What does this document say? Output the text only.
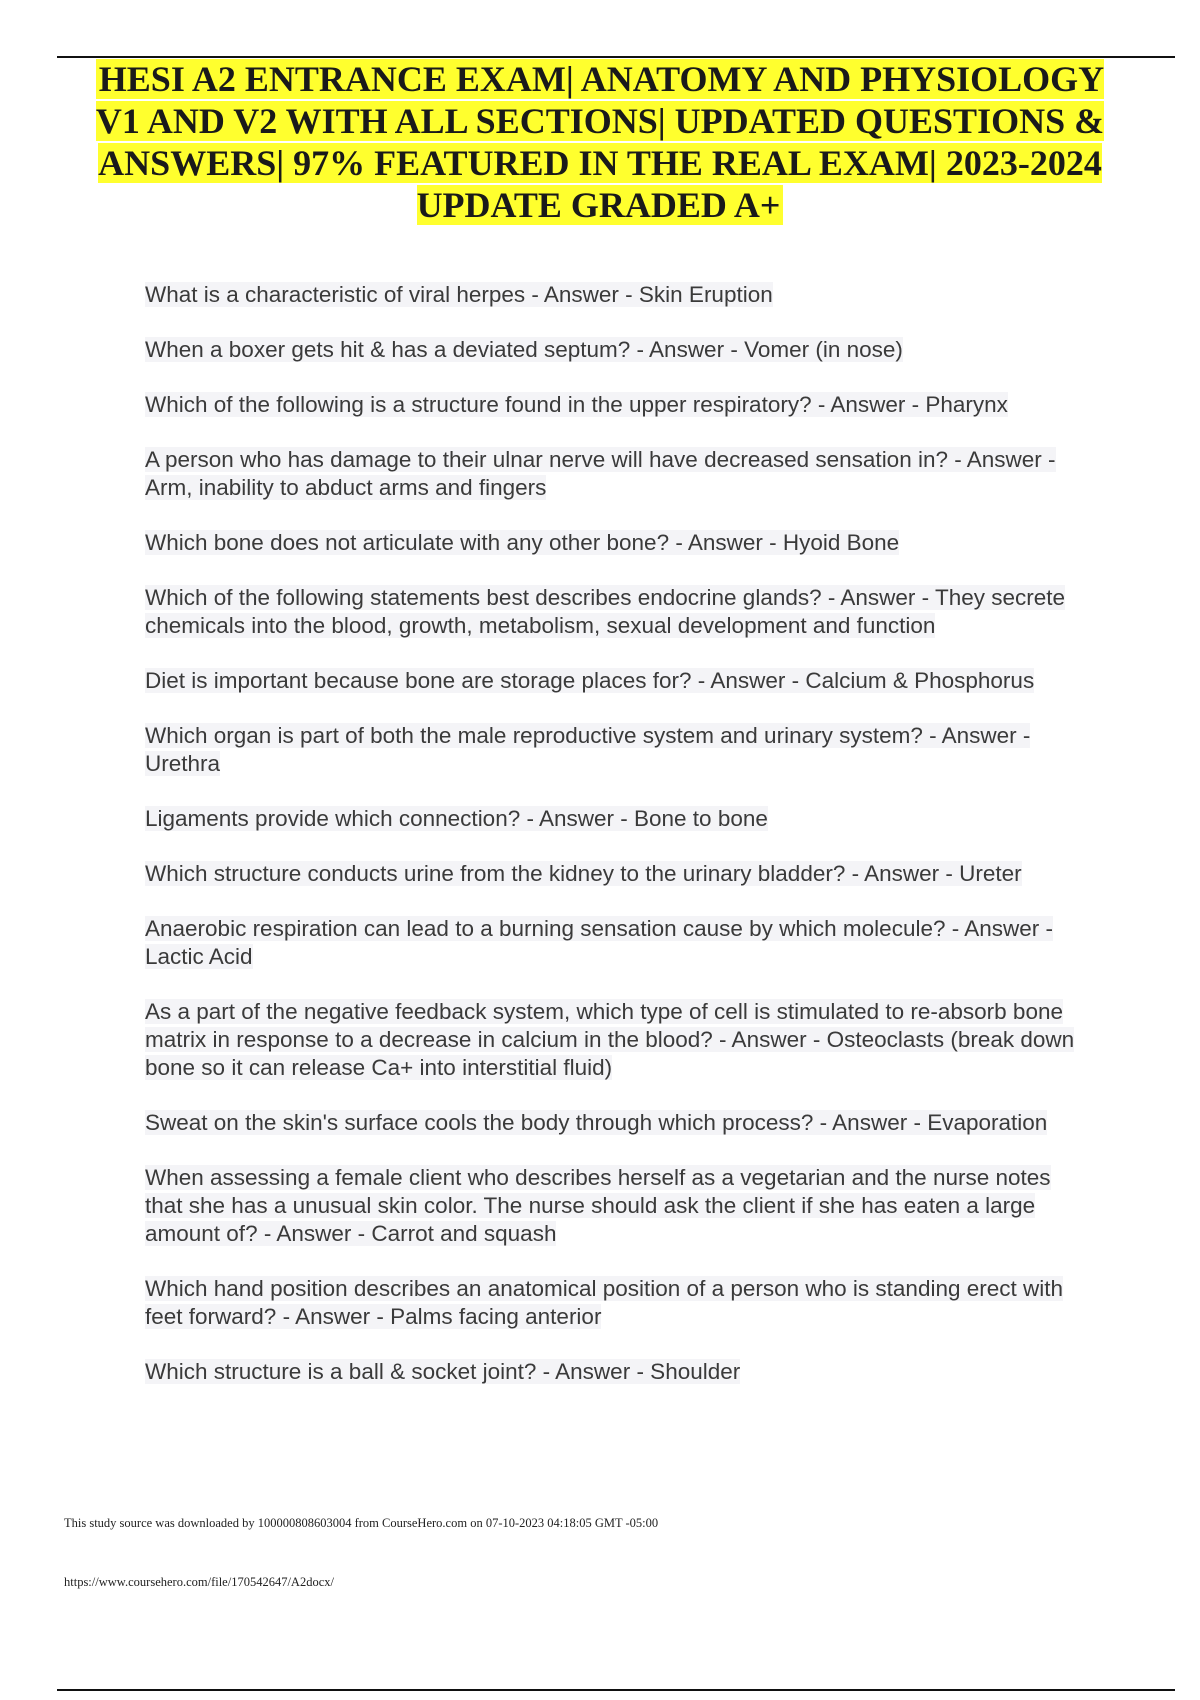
HESI A2 ENTRANCE EXAM| ANATOMY AND PHYSIOLOGY V1 AND V2 WITH ALL SECTIONS| UPDATED QUESTIONS & ANSWERS| 97% FEATURED IN THE REAL EXAM| 2023-2024 UPDATE GRADED A+

What is a characteristic of viral herpes - Answer - Skin Eruption

When a boxer gets hit & has a deviated septum? - Answer - Vomer (in nose)

Which of the following is a structure found in the upper respiratory? - Answer - Pharynx

A person who has damage to their ulnar nerve will have decreased sensation in? - Answer - Arm, inability to abduct arms and fingers

Which bone does not articulate with any other bone? - Answer - Hyoid Bone

Which of the following statements best describes endocrine glands? - Answer - They secrete chemicals into the blood, growth, metabolism, sexual development and function

Diet is important because bone are storage places for? - Answer - Calcium & Phosphorus

Which organ is part of both the male reproductive system and urinary system? - Answer - Urethra

Ligaments provide which connection? - Answer - Bone to bone

Which structure conducts urine from the kidney to the urinary bladder? - Answer - Ureter

Anaerobic respiration can lead to a burning sensation cause by which molecule? - Answer - Lactic Acid

As a part of the negative feedback system, which type of cell is stimulated to re-absorb bone matrix in response to a decrease in calcium in the blood? - Answer - Osteoclasts (break down bone so it can release Ca+ into interstitial fluid)

Sweat on the skin's surface cools the body through which process? - Answer - Evaporation

When assessing a female client who describes herself as a vegetarian and the nurse notes that she has a unusual skin color. The nurse should ask the client if she has eaten a large amount of? - Answer - Carrot and squash

Which hand position describes an anatomical position of a person who is standing erect with feet forward? - Answer - Palms facing anterior

Which structure is a ball & socket joint? - Answer - Shoulder

This study source was downloaded by 100000808603004 from CourseHero.com on 07-10-2023 04:18:05 GMT -05:00
https://www.coursehero.com/file/170542647/A2docx/
